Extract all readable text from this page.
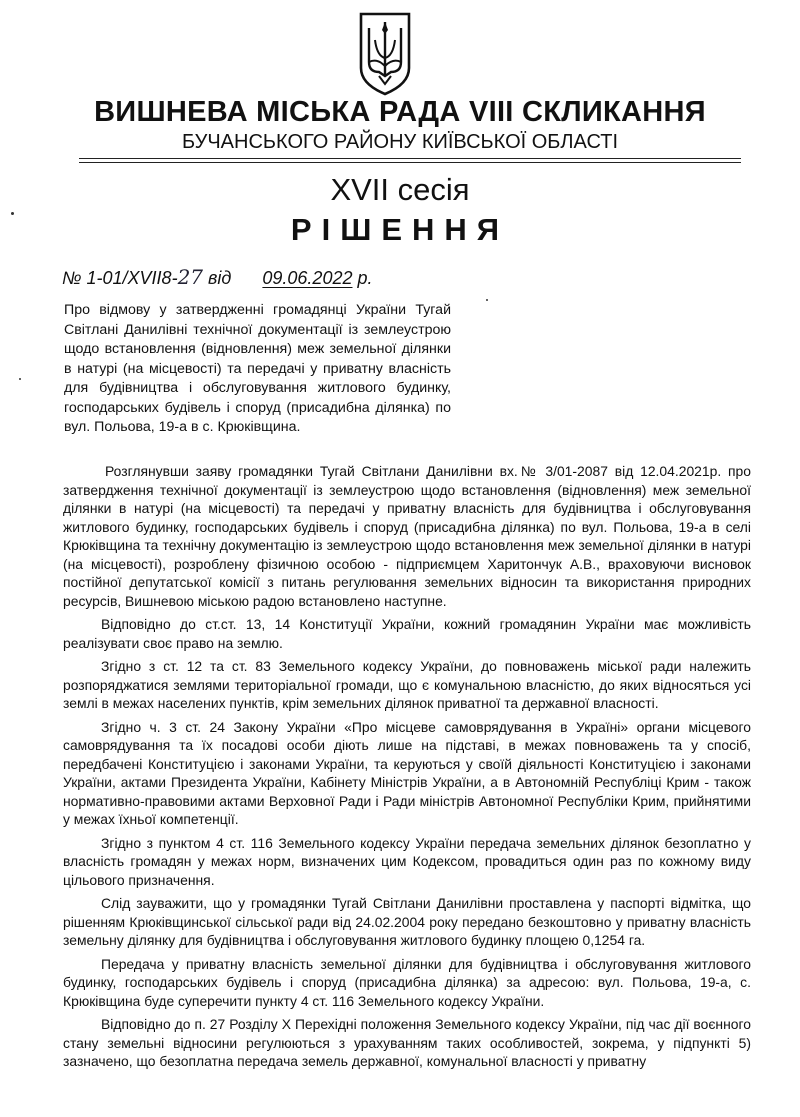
ВИШНЕВА МІСЬКА РАДА VIII СКЛИКАННЯ
БУЧАНСЬКОГО РАЙОНУ КИЇВСЬКОЇ ОБЛАСТІ
XVII сесія
РІШЕННЯ
№ 1-01/XVII8-27 від 09.06.2022 р.
Про відмову у затвердженні громадянці України Тугай Світлані Данилівні технічної документації із землеустрою щодо встановлення (відновлення) меж земельної ділянки в натурі (на місцевості) та передачі у приватну власність для будівництва і обслуговування житлового будинку, господарських будівель і споруд (присадибна ділянка) по вул. Польова, 19-а в с. Крюківщина.

Розглянувши заяву громадянки Тугай Світлани Данилівни вх.№ 3/01-2087 від 12.04.2021р. про затвердження технічної документації із землеустрою щодо встановлення (відновлення) меж земельної ділянки в натурі (на місцевості) та передачі у приватну власність для будівництва і обслуговування житлового будинку, господарських будівель і споруд (присадибна ділянка) по вул. Польова, 19-а в селі Крюківщина та технічну документацію із землеустрою щодо встановлення меж земельної ділянки в натурі (на місцевості), розроблену фізичною особою - підприємцем Харитончук А.В., враховуючи висновок постійної депутатської комісії з питань регулювання земельних відносин та використання природних ресурсів, Вишневою міською радою встановлено наступне.

Відповідно до ст.ст. 13, 14 Конституції України, кожний громадянин України має можливість реалізувати своє право на землю.

Згідно з ст. 12 та ст. 83 Земельного кодексу України, до повноважень міської ради належить розпоряджатися землями територіальної громади, що є комунальною власністю, до яких відносяться усі землі в межах населених пунктів, крім земельних ділянок приватної та державної власності.

Згідно ч. 3 ст. 24 Закону України «Про місцеве самоврядування в Україні» органи місцевого самоврядування та їх посадові особи діють лише на підставі, в межах повноважень та у спосіб, передбачені Конституцією і законами України, та керуються у своїй діяльності Конституцією і законами України, актами Президента України, Кабінету Міністрів України, а в Автономній Республіці Крим - також нормативно-правовими актами Верховної Ради і Ради міністрів Автономної Республіки Крим, прийнятими у межах їхньої компетенції.

Згідно з пунктом 4 ст. 116 Земельного кодексу України передача земельних ділянок безоплатно у власність громадян у межах норм, визначених цим Кодексом, провадиться один раз по кожному виду цільового призначення.

Слід зауважити, що у громадянки Тугай Світлани Данилівни проставлена у паспорті відмітка, що рішенням Крюківщинської сільської ради від 24.02.2004 року передано безкоштовно у приватну власність земельну ділянку для будівництва і обслуговування житлового будинку площею 0,1254 га.

Передача у приватну власність земельної ділянки для будівництва і обслуговування житлового будинку, господарських будівель і споруд (присадибна ділянка) за адресою: вул. Польова, 19-а, с. Крюківщина буде суперечити пункту 4 ст. 116 Земельного кодексу України.

Відповідно до п. 27 Розділу Х Перехідні положення Земельного кодексу України, під час дії воєнного стану земельні відносини регулюються з урахуванням таких особливостей, зокрема, у підпункті 5) зазначено, що безоплатна передача земель державної, комунальної власності у приватну
